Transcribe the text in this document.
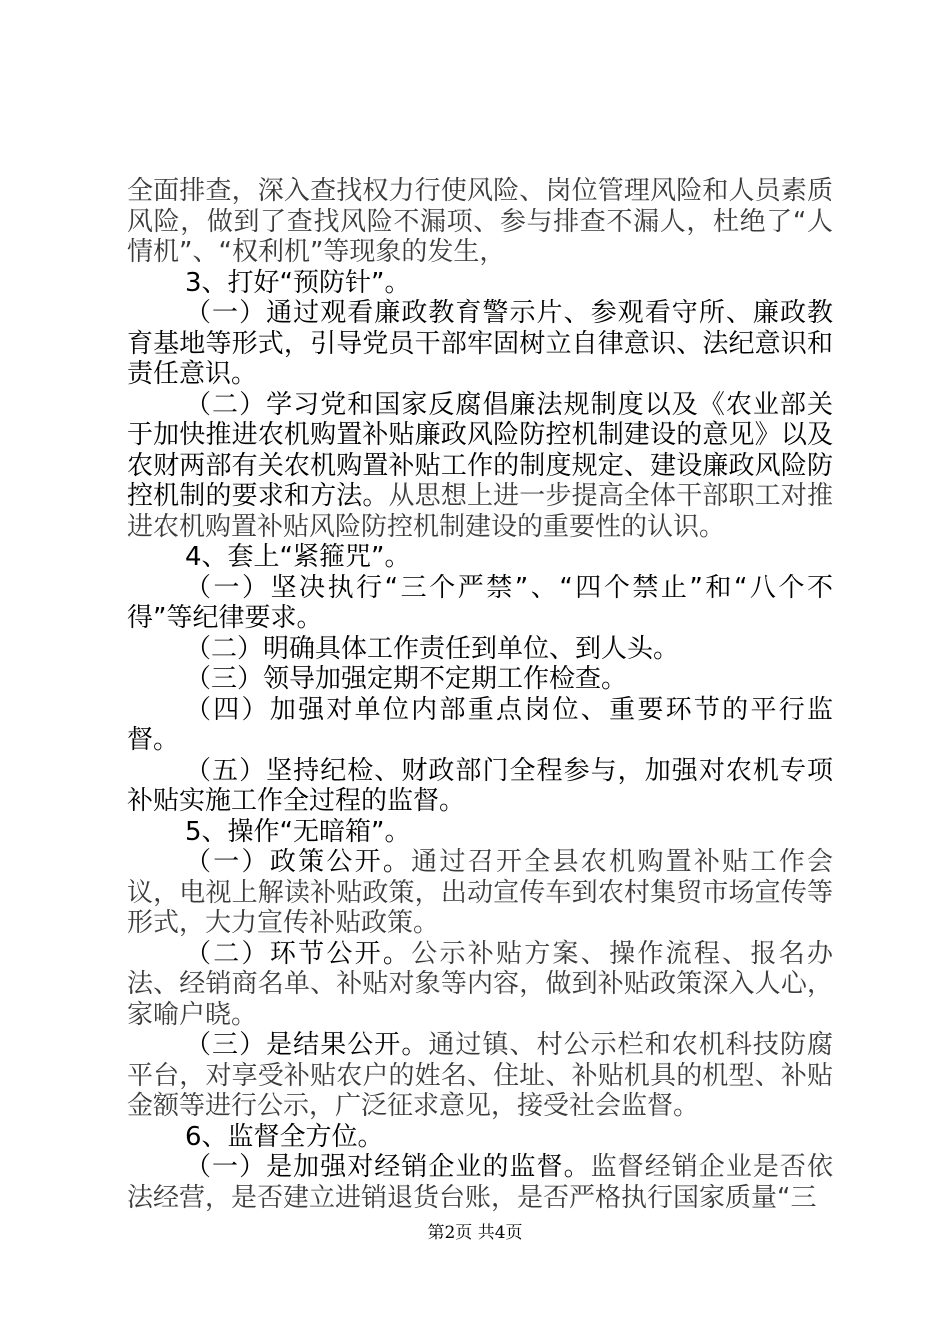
全面排查，深入查找权力行使风险、岗位管理风险和人员素质风险，做到了查找风险不漏项、参与排查不漏人，杜绝了“人情机”、“权利机”等现象的发生，

3、打好“预防针”。

（一）通过观看廉政教育警示片、参观看守所、廉政教育基地等形式，引导党员干部牢固树立自律意识、法纪意识和责任意识。

（二）学习党和国家反腐倡廉法规制度以及《农业部关于加快推进农机购置补贴廉政风险防控机制建设的意见》以及农财两部有关农机购置补贴工作的制度规定、建设廉政风险防控机制的要求和方法。从思想上进一步提高全体干部职工对推进农机购置补贴风险防控机制建设的重要性的认识。

4、套上“紧箍咒”。

（一）坚决执行“三个严禁”、“四个禁止”和“八个不得”等纪律要求。

（二）明确具体工作责任到单位、到人头。

（三）领导加强定期不定期工作检查。

（四）加强对单位内部重点岗位、重要环节的平行监督。

（五）坚持纪检、财政部门全程参与，加强对农机专项补贴实施工作全过程的监督。

5、操作“无暗箱”。

（一）政策公开。通过召开全县农机购置补贴工作会议，电视上解读补贴政策，出动宣传车到农村集贸市场宣传等形式，大力宣传补贴政策。

（二）环节公开。公示补贴方案、操作流程、报名办法、经销商名单、补贴对象等内容，做到补贴政策深入人心，家喻户晓。

（三）是结果公开。通过镇、村公示栏和农机科技防腐平台，对享受补贴农户的姓名、住址、补贴机具的机型、补贴金额等进行公示，广泛征求意见，接受社会监督。

6、监督全方位。

（一）是加强对经销企业的监督。监督经销企业是否依法经营，是否建立进销退货台账，是否严格执行国家质量“三

第2页 共4页
